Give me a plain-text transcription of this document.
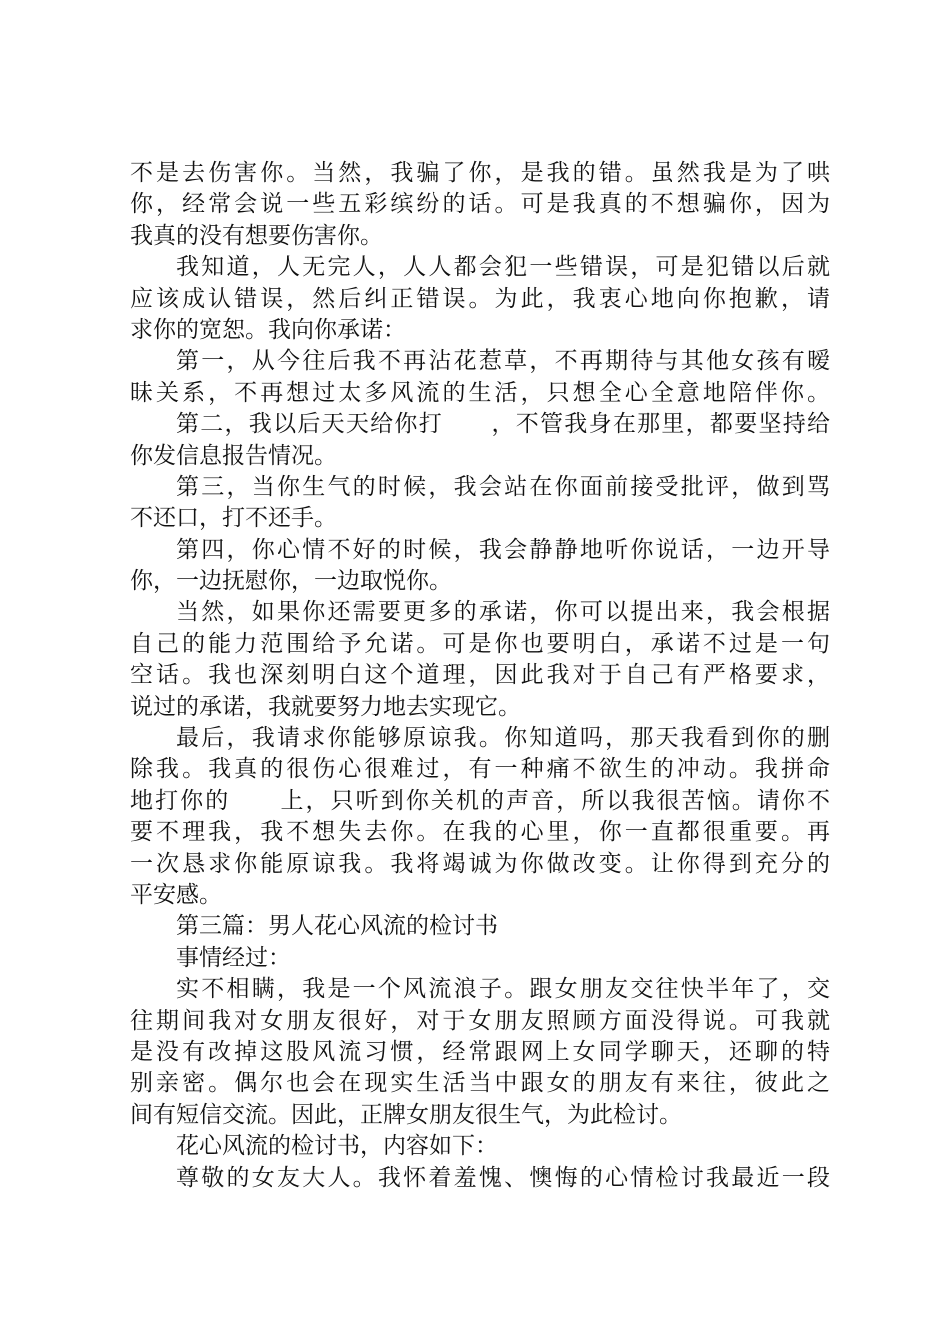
不是去伤害你。当然，我骗了你，是我的错。虽然我是为了哄
你，经常会说一些五彩缤纷的话。可是我真的不想骗你，因为
我真的没有想要伤害你。
我知道，人无完人，人人都会犯一些错误，可是犯错以后就
应该成认错误，然后纠正错误。为此，我衷心地向你抱歉，请
求你的宽恕。我向你承诺：
第一，从今往后我不再沾花惹草，不再期待与其他女孩有暧
昧关系，不再想过太多风流的生活，只想全心全意地陪伴你。
第二，我以后天天给你打　　，不管我身在那里，都要坚持给
你发信息报告情况。
第三，当你生气的时候，我会站在你面前接受批评，做到骂
不还口，打不还手。
第四，你心情不好的时候，我会静静地听你说话，一边开导
你，一边抚慰你，一边取悦你。
当然，如果你还需要更多的承诺，你可以提出来，我会根据
自己的能力范围给予允诺。可是你也要明白，承诺不过是一句
空话。我也深刻明白这个道理，因此我对于自己有严格要求，
说过的承诺，我就要努力地去实现它。
最后，我请求你能够原谅我。你知道吗，那天我看到你的删
除我。我真的很伤心很难过，有一种痛不欲生的冲动。我拼命
地打你的　　上，只听到你关机的声音，所以我很苦恼。请你不
要不理我，我不想失去你。在我的心里，你一直都很重要。再
一次恳求你能原谅我。我将竭诚为你做改变。让你得到充分的
平安感。
第三篇：男人花心风流的检讨书
事情经过：
实不相瞒，我是一个风流浪子。跟女朋友交往快半年了，交
往期间我对女朋友很好，对于女朋友照顾方面没得说。可我就
是没有改掉这股风流习惯，经常跟网上女同学聊天，还聊的特
别亲密。偶尔也会在现实生活当中跟女的朋友有来往，彼此之
间有短信交流。因此，正牌女朋友很生气，为此检讨。
花心风流的检讨书，内容如下：
尊敬的女友大人。我怀着羞愧、懊悔的心情检讨我最近一段
